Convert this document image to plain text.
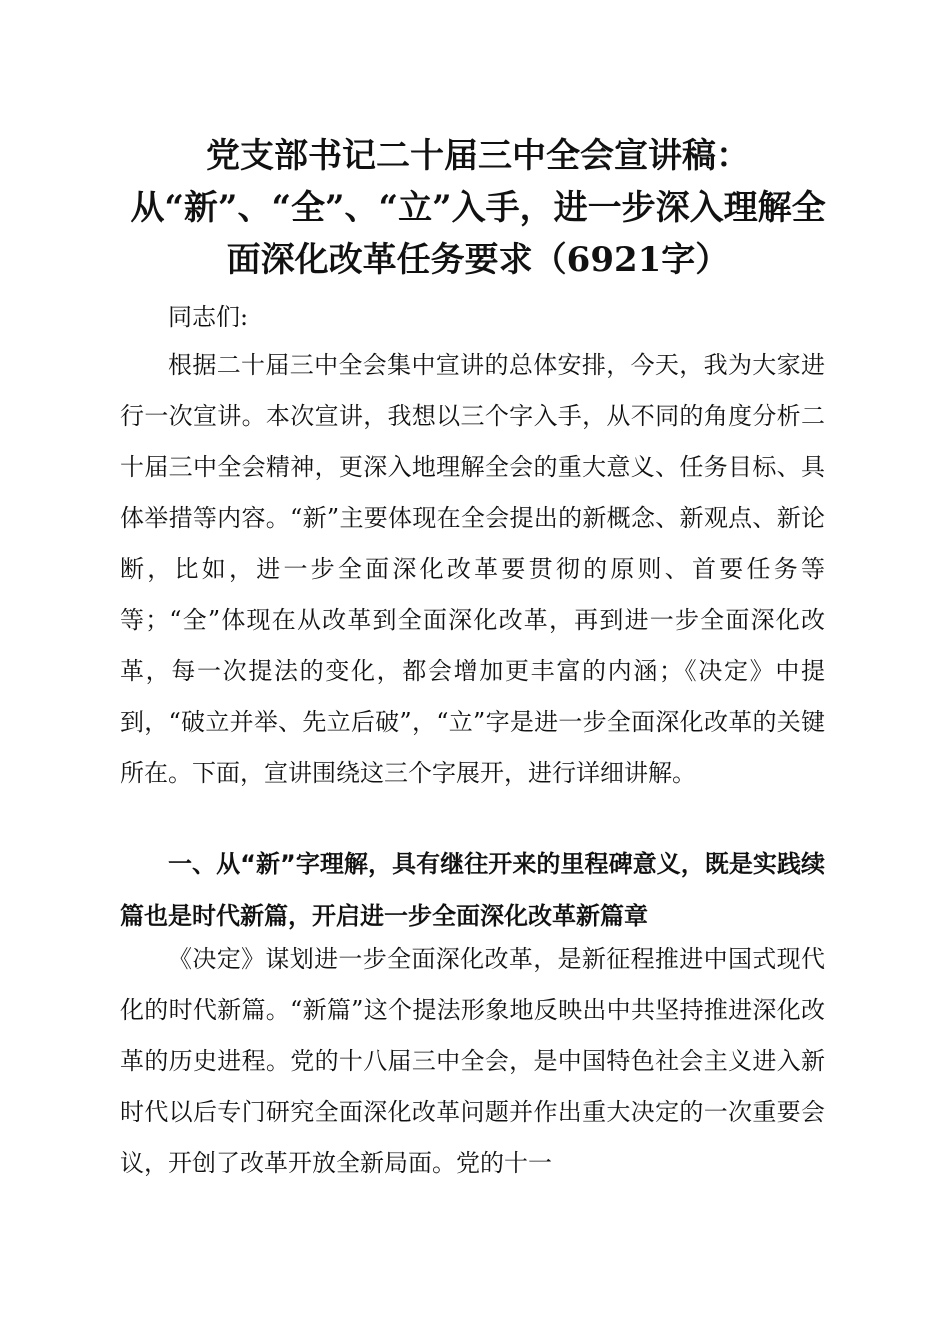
党支部书记二十届三中全会宣讲稿：从“新”、“全”、“立”入手，进一步深入理解全面深化改革任务要求（6921字）

同志们:

根据二十届三中全会集中宣讲的总体安排，今天，我为大家进行一次宣讲。本次宣讲，我想以三个字入手，从不同的角度分析二十届三中全会精神，更深入地理解全会的重大意义、任务目标、具体举措等内容。“新”主要体现在全会提出的新概念、新观点、新论断，比如，进一步全面深化改革要贯彻的原则、首要任务等等；“全”体现在从改革到全面深化改革，再到进一步全面深化改革，每一次提法的变化，都会增加更丰富的内涵；《决定》中提到，“破立并举、先立后破”，“立”字是进一步全面深化改革的关键所在。下面，宣讲围绕这三个字展开，进行详细讲解。

一、从“新”字理解，具有继往开来的里程碑意义，既是实践续篇也是时代新篇，开启进一步全面深化改革新篇章

《决定》谋划进一步全面深化改革，是新征程推进中国式现代化的时代新篇。“新篇”这个提法形象地反映出中共坚持推进深化改革的历史进程。党的十八届三中全会，是中国特色社会主义进入新时代以后专门研究全面深化改革问题并作出重大决定的一次重要会议，开创了改革开放全新局面。党的十一
